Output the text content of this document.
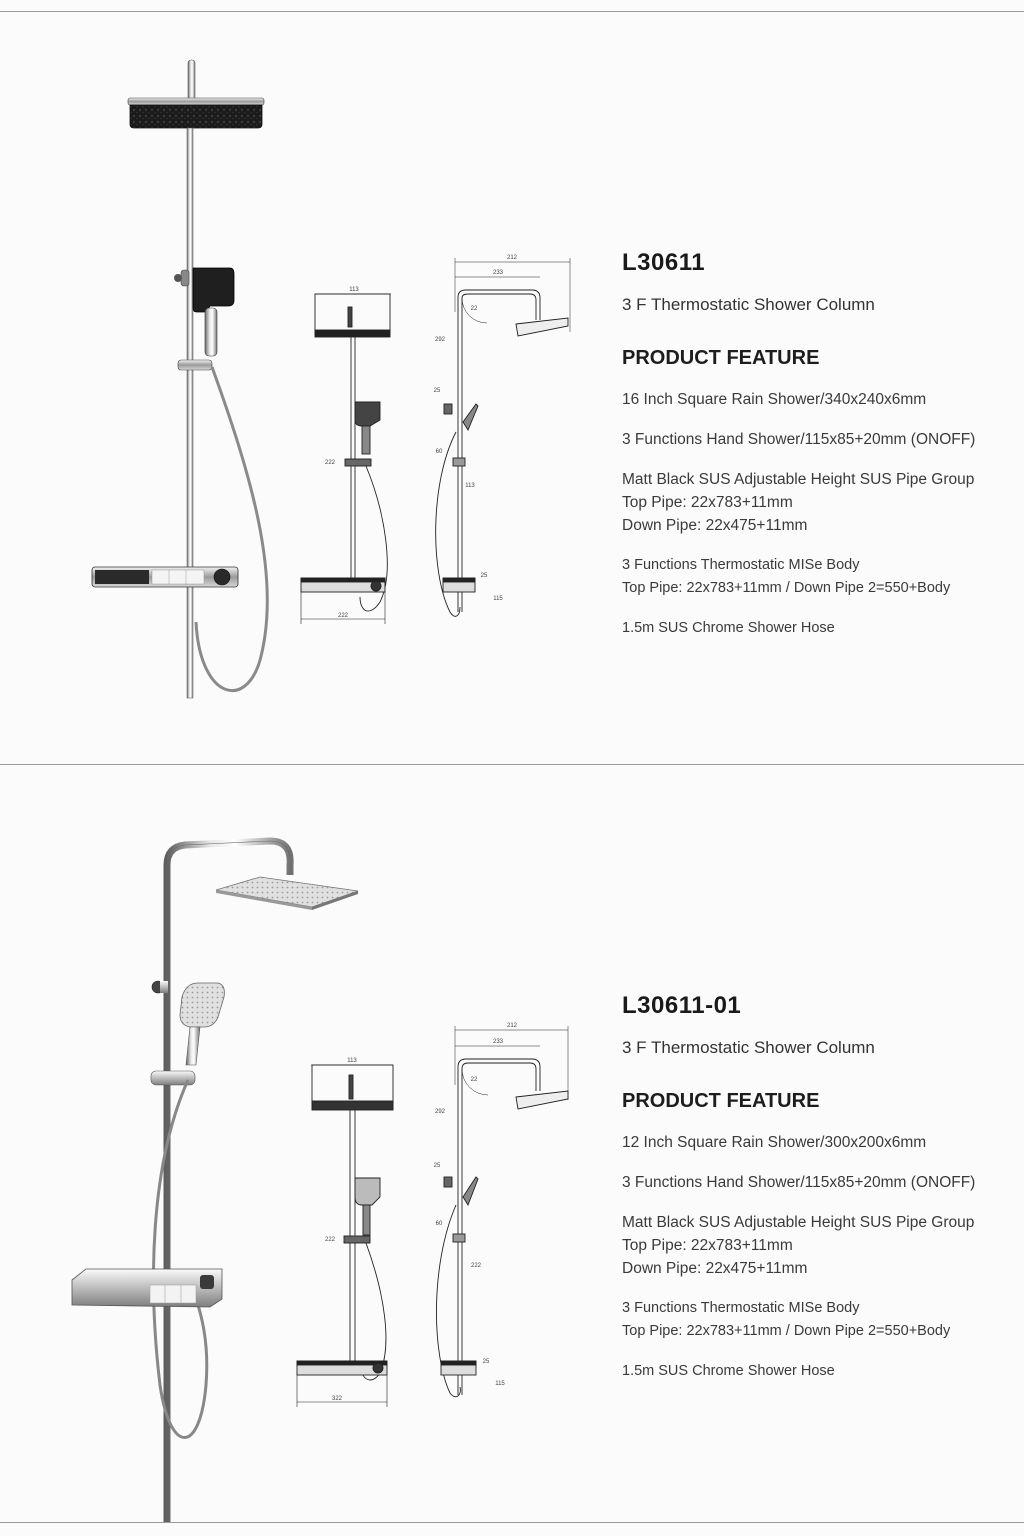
113
222
222
212
233
22
292
25
60
113
25
115
L30611
3 F Thermostatic Shower Column
PRODUCT FEATURE
16 Inch Square Rain Shower/340x240x6mm
3 Functions Hand Shower/115x85+20mm (ONOFF)
Matt Black SUS Adjustable Height SUS Pipe Group
Top Pipe: 22x783+11mm
Down Pipe: 22x475+11mm
3 Functions Thermostatic MISe Body
Top Pipe: 22x783+11mm / Down Pipe 2=550+Body
1.5m SUS Chrome Shower Hose
113
222
322
212
233
22
292
25
60
222
25
115
L30611-01
3 F Thermostatic Shower Column
PRODUCT FEATURE
12 Inch Square Rain Shower/300x200x6mm
3 Functions Hand Shower/115x85+20mm (ONOFF)
Matt Black SUS Adjustable Height SUS Pipe Group
Top Pipe: 22x783+11mm
Down Pipe: 22x475+11mm
3 Functions Thermostatic MISe Body
Top Pipe: 22x783+11mm / Down Pipe 2=550+Body
1.5m SUS Chrome Shower Hose
